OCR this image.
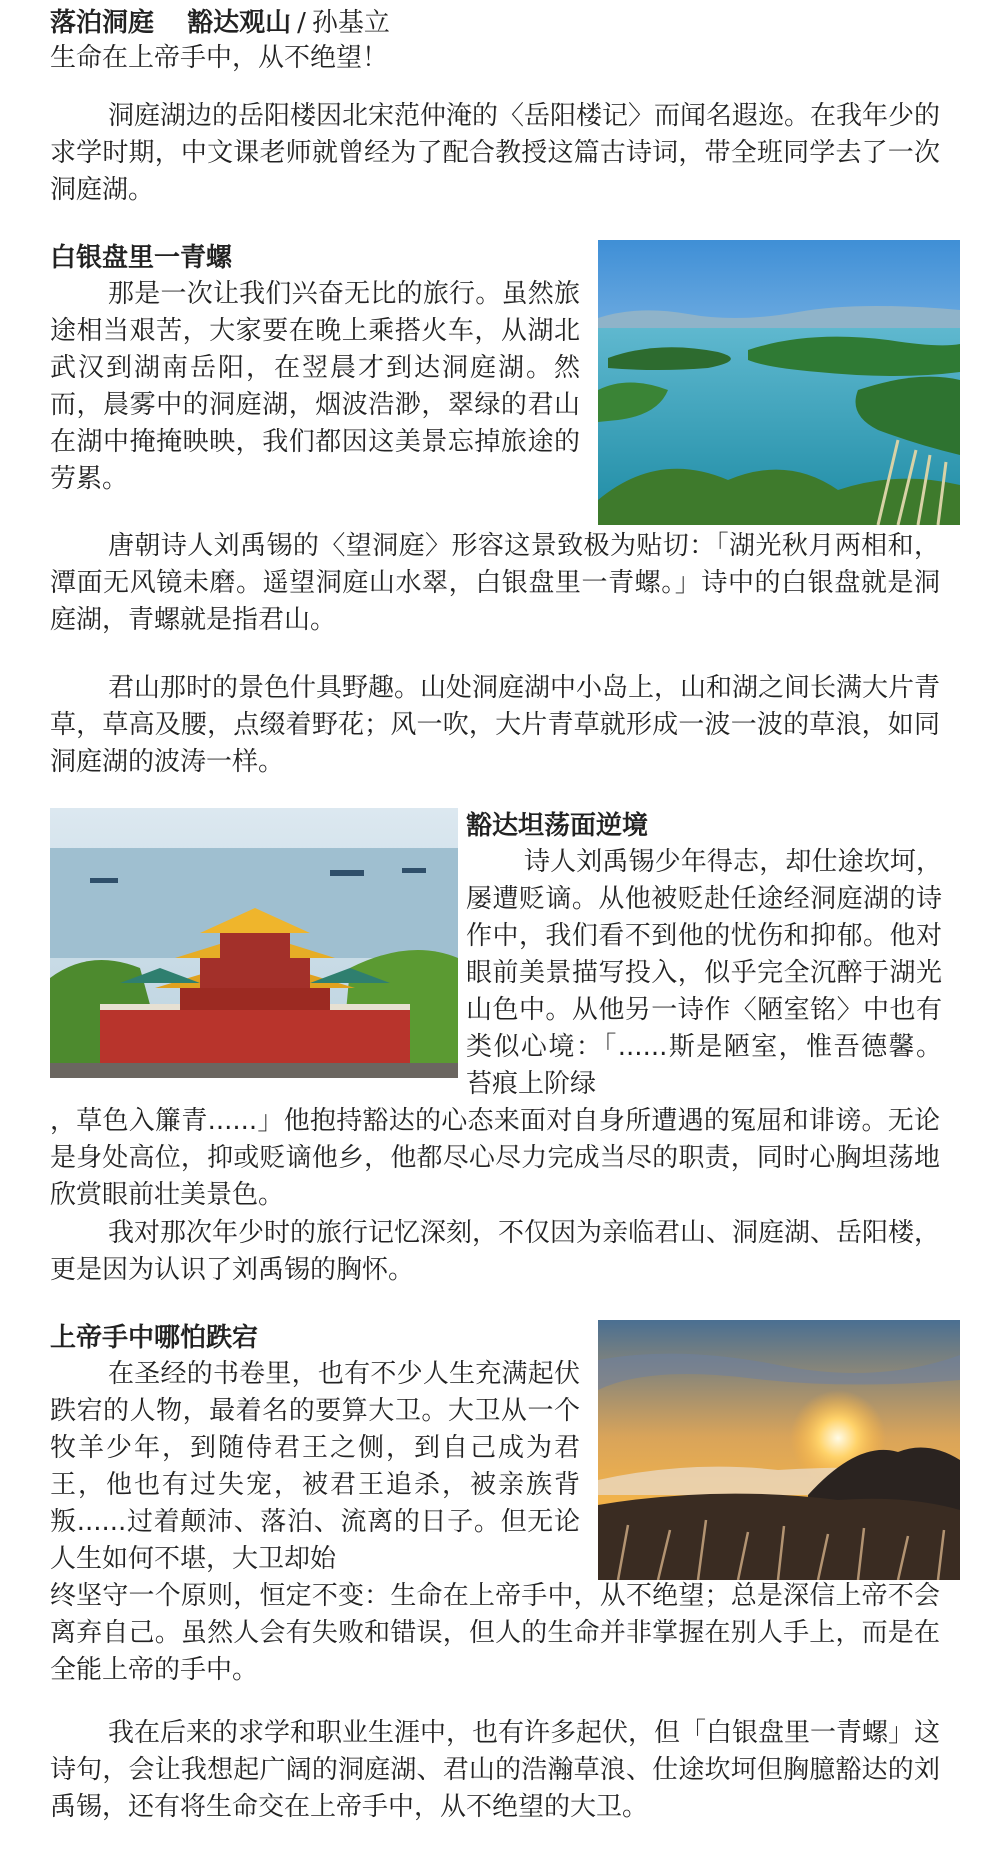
落泊洞庭 豁达观山 / 孙基立
生命在上帝手中，从不绝望！

洞庭湖边的岳阳楼因北宋范仲淹的〈岳阳楼记〉而闻名遐迩。在我年少的求学时期，中文课老师就曾经为了配合教授这篇古诗词，带全班同学去了一次洞庭湖。

白银盘里一青螺

那是一次让我们兴奋无比的旅行。虽然旅途相当艰苦，大家要在晚上乘搭火车，从湖北武汉到湖南岳阳，在翌晨才到达洞庭湖。然而，晨雾中的洞庭湖，烟波浩渺，翠绿的君山在湖中掩掩映映，我们都因这美景忘掉旅途的劳累。

唐朝诗人刘禹锡的〈望洞庭〉形容这景致极为贴切：「湖光秋月两相和，潭面无风镜未磨。遥望洞庭山水翠，白银盘里一青螺。」诗中的白银盘就是洞庭湖，青螺就是指君山。

君山那时的景色什具野趣。山处洞庭湖中小岛上，山和湖之间长满大片青草，草高及腰，点缀着野花；风一吹，大片青草就形成一波一波的草浪，如同洞庭湖的波涛一样。

豁达坦荡面逆境

诗人刘禹锡少年得志，却仕途坎坷，屡遭贬谪。从他被贬赴任途经洞庭湖的诗作中，我们看不到他的忧伤和抑郁。他对眼前美景描写投入，似乎完全沉醉于湖光山色中。从他另一诗作〈陋室铭〉中也有类似心境：「......斯是陋室，惟吾德馨。苔痕上阶绿

，草色入簾青......」他抱持豁达的心态来面对自身所遭遇的冤屈和诽谤。无论是身处高位，抑或贬谪他乡，他都尽心尽力完成当尽的职责，同时心胸坦荡地欣赏眼前壮美景色。

我对那次年少时的旅行记忆深刻，不仅因为亲临君山、洞庭湖、岳阳楼，更是因为认识了刘禹锡的胸怀。

上帝手中哪怕跌宕

在圣经的书卷里，也有不少人生充满起伏跌宕的人物，最着名的要算大卫。大卫从一个牧羊少年，到随侍君王之侧，到自己成为君王，他也有过失宠，被君王追杀，被亲族背叛......过着颠沛、落泊、流离的日子。但无论人生如何不堪，大卫却始

终坚守一个原则，恒定不变：生命在上帝手中，从不绝望；总是深信上帝不会离弃自己。虽然人会有失败和错误，但人的生命并非掌握在别人手上，而是在全能上帝的手中。

我在后来的求学和职业生涯中，也有许多起伏，但「白银盘里一青螺」这诗句，会让我想起广阔的洞庭湖、君山的浩瀚草浪、仕途坎坷但胸臆豁达的刘禹锡，还有将生命交在上帝手中，从不绝望的大卫。
